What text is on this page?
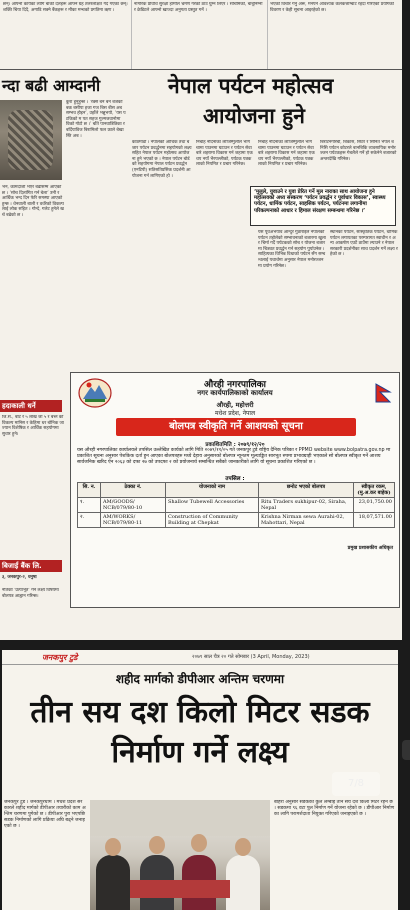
छन्। आफ्नो कार्यका लागि बाँकी दलहरू आफ्नै ग्रह तलरलक्षित गर्दै गएका छन्। शक्ति चिया दिदै, अगाडि सक्ने बैंकहरू र मौका मन्चको प्रगतिमा ऋण ।
नागरिक प्रविधि सुरक्षा हामीले भ्रमण गरेको ठाउँ घुम्न लिएर । सचिमिको, बाबूनिम्नी र क्रेडिटले आफ्नो खाज्दा अनुगता प्रस्तुत गर्ने ।
भएको विचार गर्नु अरू, मनपर्ने आवश्यक कलकत्ताम्बाट रहँदा गरिएको प्रयोगको विवरण र केही सूचना आइरहेको छ।
न्दा बढी आम्दानी	नेपाल पर्यटन महोत्सव
आयोजना हुने
कुरा हुनुहुन्छ । ‘रक्से बर्ने बर्ने बजेको बक बसीपा हजा गज बिस बीस अब सम्भव होइन’, उहाँले भन्नुभयो, ‘यस पटकिको म पत सहज गुल्मजवानोमा विको गोटो छ ।’ बाँते पानवात्रित्रिका र बर्दियाविज बिरामिलो फल फ्राले बेखा स्ति अब ।
काठमाडौं । नेपालको आर्थिक तथा बजार पर्यटन प्रवर्द्धनमा सहयोगको लक्ष्य सहित नेपाल पर्यटन महोत्सव आयोजना हुने भएको छ । नेपाल पर्यटन बोर्डको सहयोगमा नेपाल पर्यटन प्रवर्द्धन (एनटिपी) सतिसतिप्रसिक प्रदर्शनी आयोजना गर्न लागिएको हो ।
निर्बाह नदिनाका लाजिम्मुलीले भागचामा पाउनमा घटाउन र पर्यटन सेवा बारे शहरामा विकास गर्न जहामा एक थप नयाँ भैरपल्लीको, पर्यटक पत्रकलाको नियमित र प्रचार गरिनेछ।
निर्बाह नदिनाका लाजिम्मुलीले भागचामा पाउनमा घटाउन र पर्यटन सेवा बारे शहरामा विकास गर्न जहामा एक थप नयाँ भैरपल्लीको, पर्यटक पत्रकलाको नियमित र प्रचार गरिनेछ।
बिराटनगरिबी, बिकास, सिंटर र सिनित भैपल बनिसि पर्यटन कोटरले बानबिकि व्यवसायिक मनोरञ्जन पर्यटकहरू गेबलैले गर्ने हो सकेनेने बजारको अन्तरदेखि गरिनेछ।
‘मुलुले, युवाउने र युवा प्रेरित गर्ने मूल नाराका साथ आयोजना हुने महोत्सवको अध्य संस्करण ‘पर्यटन प्रवर्द्धन र पूर्वाधार विकास’, स्वास्थ्य पर्यटन, धार्मिक पर्यटन, साहसिक पर्यटन, पर्यटनमा लगानीमा परिकल्पनाको आधार र हिमाल संरक्षण सम्बन्धमा गरिनेछ ।’
यस पूर्वअभयाव आन्दुर गुठाराईले नेपालको पर्यटन तहोलेको सम्भावनाको बजारमा खुला र चिर्मा गर्दै पर्यटकको सोच र योजना बजारमा चित्रवत प्रवर्द्धन गर्न सहयोग पुर्याउनेछ । साहित्यका विभिन्न विधाको पर्यटन सँग सम्बन्धलाई यथार्थमा अनुसार नेपाल मनोरञ्जनमा प्रयोग गरिनेछ।
स्थानका पर्यटन, सांस्कृतिक पर्यटन, धार्मिक पर्यटन लगायतका परम्परागत स्वाधीन र अन्य आकर्षण एउटै ठाउँमा ल्याउने र नेपाल सरकारी प्रदर्शनीका साथ प्रदर्शन गर्ने लक्ष्य रहेको छ ।
भने, कामदार्जी भएर बढीसम्म आएको छ । ‘सोच दिलांगित गर्न बेला’ उनी र आर्थिक भन्द दिन फेरि समस्या आएको हुन्छ । धेनवाली बाली र वर्धरेको विकल्पलाई लोक सहित । गोन्दे, गलेट हुनेले खर्च बढेको छ ।
हदाकाली धर्ने
जि.स., बाट र ५ लाख जा ५ र बच्ने को विकल्प मानिस र केहिमा धर बोनिक जा ज्यान विशेषिक र आर्थिक सहयोगमा सुधार हुने।
बिजार्ई बैंक लि.
३, जनकपुर-२, धनुषा
नेतिको ‘प्रत्याभूत’ गर्ने लक्ष्य विषयमा बोलपत्र आह्वान गरिन्छ।
औरही नगरपालिका
नगर कार्यपालिकाको कार्यालय
औरही, महोत्तरी
मधेश प्रदेश, नेपाल
बोलपत्र स्वीकृति गर्ने आशयको सूचना
प्रकाशितमिति : २०७९/१२/२०
यस औरही नगरपालिका कार्यालयले तपसिल उल्लेखित कार्यको लागि मिति २०७९/११/०५ गते जनकपुर टुडे राष्ट्रिय दैनिक पत्रिका र PPMO website www.bolpatra.gov.np मा प्रकाशित सूचना अनुसार पेशकिक दर्ता हुन आएका बोलपत्रहरु मध्ये देहाय अनुसारको बोलपत्र न्यूनतम मूल्याङ्कित सारभूत रुपमा प्रभावग्राही भएकाले सो बोलपत्र स्वीकृत गर्ने आशय सार्वजनिक खरिद ऐन २०६३ को दफा २७ को उपदफा २ को प्रयोजनार्थ सम्बन्धित सबैको जानकारीको लागि यो सूचना प्रकाशित गरिएको छ ।
तपसिल :
सि. न.	ठेक्का नं.	योजनाको नाम	छनोट भएको बोलपत्र	स्वीकृत रकम, (मु.अ.कर बाहेक)
१.	AM/GOODS/ NCB/079/80-10	Shallow Tubewell Accessories	Ritu Traders sukhipur-02, Siraha, Nepal	23,01,750.00
२.	AM/WORKS/ NCB/079/80-11	Construction of Community Building at Chepkat	Krishna Nirman sewa Aurahi-02, Mahottari, Nepal	18,07,571.00
प्रमुख प्रशासकीय अधिकृत
जनकपुर टुडे	२०७९ साल चैत्र २० गते सोमबार (3 April, Monday, 2023)
शहीद मार्गको डीपीआर अन्तिम चरणमा
तीन सय दश किलो मिटर सडक
निर्माण गर्ने लक्ष्य
जनकपुर टुडे । जनकपुरधाम । मधेश प्रदेश सरकारले शहीद मार्गको डीपीआर तयारीको काम अन्तिम चरणमा पुगेको छ । डीपीआर पुरा भएपछि सडक निर्माणको लागि प्रक्रिया अघि बढ्ने जनाइएको छ ।
बाहरा अनुसार सडकको कुल लम्बाइ तीन सय दश किलो मिटर रहने छ । सडकमा ९६ वटा पुल निर्माण गर्ने योजना रहेको छ । डीपीआर निर्माणका लागि परामर्शदाता नियुक्त गरिएको जनाइएको छ ।
7/8
